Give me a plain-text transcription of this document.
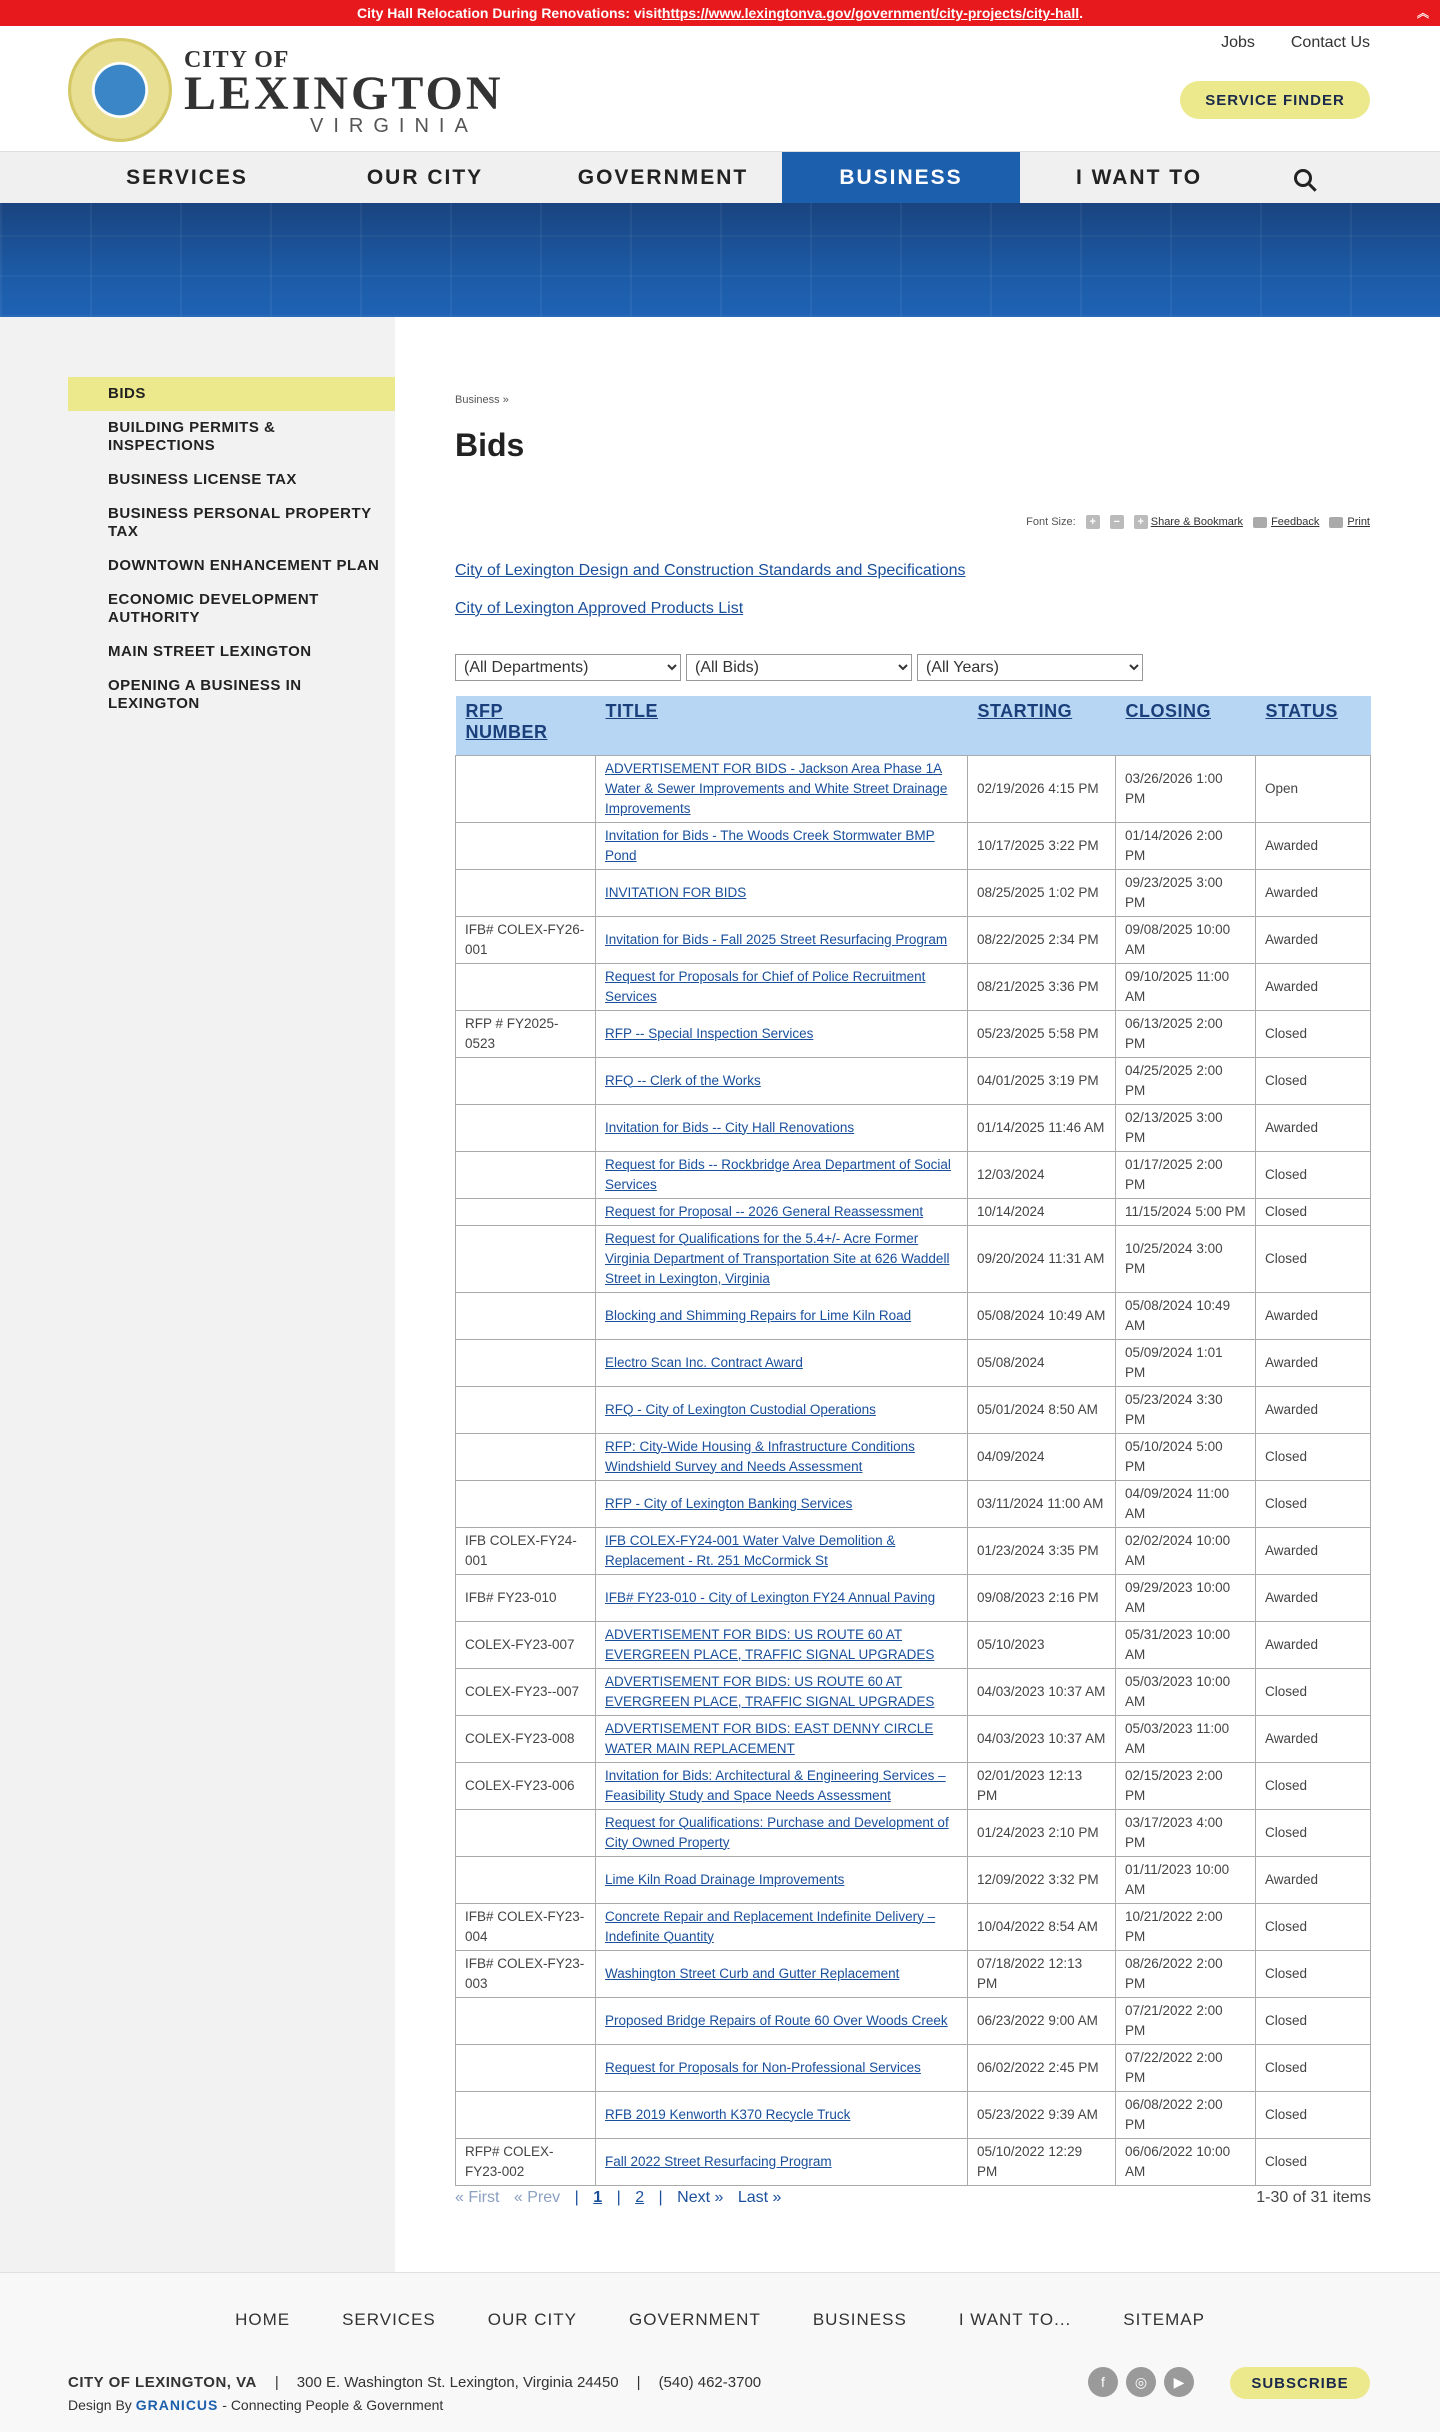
City Hall Relocation During Renovations: visit https://www.lexingtonva.gov/government/city-projects/city-hall .	︽
CITY OF
LEXINGTON
VIRGINIA
Jobs Contact Us
SERVICE FINDER
SERVICES	OUR CITY	GOVERNMENT	BUSINESS	I WANT TO
BIDS
BUILDING PERMITS & INSPECTIONS
BUSINESS LICENSE TAX
BUSINESS PERSONAL PROPERTY TAX
DOWNTOWN ENHANCEMENT PLAN
ECONOMIC DEVELOPMENT AUTHORITY
MAIN STREET LEXINGTON
OPENING A BUSINESS IN LEXINGTON
Business »
Bids
Font Size:	+	−	+ Share & Bookmark	Feedback	Print
City of Lexington Design and Construction Standards and Specifications
City of Lexington Approved Products List
(All Departments)
(All Bids)
(All Years)
RFP NUMBER	TITLE	STARTING	CLOSING	STATUS
	ADVERTISEMENT FOR BIDS - Jackson Area Phase 1A Water & Sewer Improvements and White Street Drainage Improvements	02/19/2026 4:15 PM	03/26/2026 1:00 PM	Open
	Invitation for Bids - The Woods Creek Stormwater BMP Pond	10/17/2025 3:22 PM	01/14/2026 2:00 PM	Awarded
	INVITATION FOR BIDS	08/25/2025 1:02 PM	09/23/2025 3:00 PM	Awarded
IFB# COLEX-FY26-001	Invitation for Bids - Fall 2025 Street Resurfacing Program	08/22/2025 2:34 PM	09/08/2025 10:00 AM	Awarded
	Request for Proposals for Chief of Police Recruitment Services	08/21/2025 3:36 PM	09/10/2025 11:00 AM	Awarded
RFP # FY2025-0523	RFP -- Special Inspection Services	05/23/2025 5:58 PM	06/13/2025 2:00 PM	Closed
	RFQ -- Clerk of the Works	04/01/2025 3:19 PM	04/25/2025 2:00 PM	Closed
	Invitation for Bids -- City Hall Renovations	01/14/2025 11:46 AM	02/13/2025 3:00 PM	Awarded
	Request for Bids -- Rockbridge Area Department of Social Services	12/03/2024	01/17/2025 2:00 PM	Closed
	Request for Proposal -- 2026 General Reassessment	10/14/2024	11/15/2024 5:00 PM	Closed
	Request for Qualifications for the 5.4+/- Acre Former Virginia Department of Transportation Site at 626 Waddell Street in Lexington, Virginia	09/20/2024 11:31 AM	10/25/2024 3:00 PM	Closed
	Blocking and Shimming Repairs for Lime Kiln Road	05/08/2024 10:49 AM	05/08/2024 10:49 AM	Awarded
	Electro Scan Inc. Contract Award	05/08/2024	05/09/2024 1:01 PM	Awarded
	RFQ - City of Lexington Custodial Operations	05/01/2024 8:50 AM	05/23/2024 3:30 PM	Awarded
	RFP: City-Wide Housing & Infrastructure Conditions Windshield Survey and Needs Assessment	04/09/2024	05/10/2024 5:00 PM	Closed
	RFP - City of Lexington Banking Services	03/11/2024 11:00 AM	04/09/2024 11:00 AM	Closed
IFB COLEX-FY24-001	IFB COLEX-FY24-001 Water Valve Demolition & Replacement - Rt. 251 McCormick St	01/23/2024 3:35 PM	02/02/2024 10:00 AM	Awarded
IFB# FY23-010	IFB# FY23-010 - City of Lexington FY24 Annual Paving	09/08/2023 2:16 PM	09/29/2023 10:00 AM	Awarded
COLEX-FY23-007	ADVERTISEMENT FOR BIDS: US ROUTE 60 AT EVERGREEN PLACE, TRAFFIC SIGNAL UPGRADES	05/10/2023	05/31/2023 10:00 AM	Awarded
COLEX-FY23--007	ADVERTISEMENT FOR BIDS: US ROUTE 60 AT EVERGREEN PLACE, TRAFFIC SIGNAL UPGRADES	04/03/2023 10:37 AM	05/03/2023 10:00 AM	Closed
COLEX-FY23-008	ADVERTISEMENT FOR BIDS: EAST DENNY CIRCLE WATER MAIN REPLACEMENT	04/03/2023 10:37 AM	05/03/2023 11:00 AM	Awarded
COLEX-FY23-006	Invitation for Bids: Architectural & Engineering Services –Feasibility Study and Space Needs Assessment	02/01/2023 12:13 PM	02/15/2023 2:00 PM	Closed
	Request for Qualifications: Purchase and Development of City Owned Property	01/24/2023 2:10 PM	03/17/2023 4:00 PM	Closed
	Lime Kiln Road Drainage Improvements	12/09/2022 3:32 PM	01/11/2023 10:00 AM	Awarded
IFB# COLEX-FY23-004	Concrete Repair and Replacement Indefinite Delivery – Indefinite Quantity	10/04/2022 8:54 AM	10/21/2022 2:00 PM	Closed
IFB# COLEX-FY23-003	Washington Street Curb and Gutter Replacement	07/18/2022 12:13 PM	08/26/2022 2:00 PM	Closed
	Proposed Bridge Repairs of Route 60 Over Woods Creek	06/23/2022 9:00 AM	07/21/2022 2:00 PM	Closed
	Request for Proposals for Non-Professional Services	06/02/2022 2:45 PM	07/22/2022 2:00 PM	Closed
	RFB 2019 Kenworth K370 Recycle Truck	05/23/2022 9:39 AM	06/08/2022 2:00 PM	Closed
RFP# COLEX-FY23-002	Fall 2022 Street Resurfacing Program	05/10/2022 12:29 PM	06/06/2022 10:00 AM	Closed
« First « Prev | 1 | 2 | Next » Last »	1-30 of 31 items
HOME	SERVICES	OUR CITY	GOVERNMENT	BUSINESS	I WANT TO...	SITEMAP
CITY OF LEXINGTON, VA | 300 E. Washington St. Lexington, Virginia 24450 | (540) 462-3700
Design By GRANICUS - Connecting People & Government
f	◎	▶	SUBSCRIBE
